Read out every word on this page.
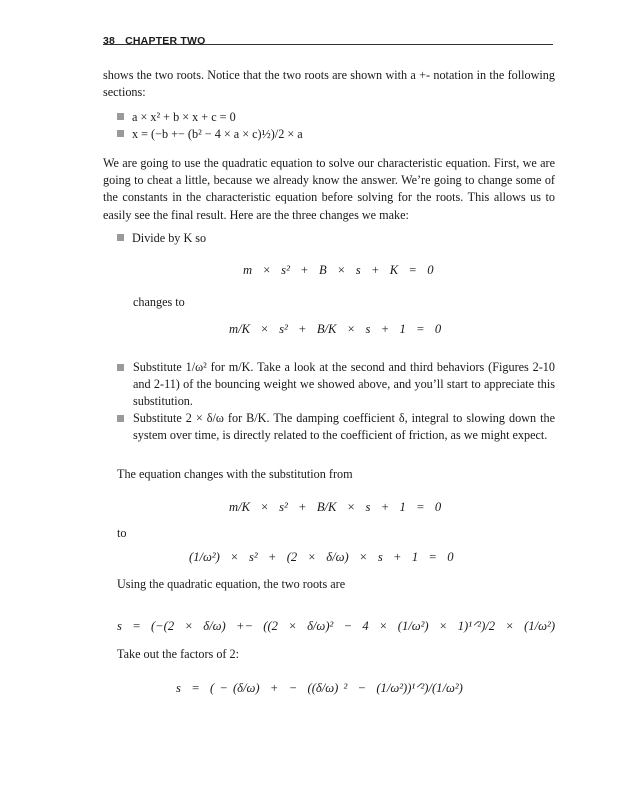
38 CHAPTER TWO
shows the two roots. Notice that the two roots are shown with a +- notation in the following sections:
a × x² + b × x + c = 0
x = (−b +− (b² − 4 × a × c)½)/2 × a
We are going to use the quadratic equation to solve our characteristic equation. First, we are going to cheat a little, because we already know the answer. We’re going to change some of the constants in the characteristic equation before solving for the roots. This allows us to easily see the final result. Here are the three changes we make:
Divide by K so
m  ×  s²  +  B  ×  s  +  K  =  0
changes to
m/K  ×  s²  +  B/K  ×  s  +  1  =  0
Substitute 1/ω² for m/K. Take a look at the second and third behaviors (Figures 2-10 and 2-11) of the bouncing weight we showed above, and you’ll start to appreciate this substitution.
Substitute 2 × δ/ω for B/K. The damping coefficient δ, integral to slowing down the system over time, is directly related to the coefficient of friction, as we might expect.
The equation changes with the substitution from
m/K  ×  s²  +  B/K  ×  s  +  1  =  0
to
(1/ω²)  ×  s²  +  (2  ×  δ/ω)  ×  s  +  1  =  0
Using the quadratic equation, the two roots are
s  =  (−(2  ×  δ/ω)  +−  ((2  ×  δ/ω)²  −  4  ×  (1/ω²)  ×  1)¹ᐟ²)/2  ×  (1/ω²)
Take out the factors of 2:
s  =  ( − (δ/ω)  +  −  ((δ/ω) ²  −  (1/ω²))¹ᐟ²)/(1/ω²)
